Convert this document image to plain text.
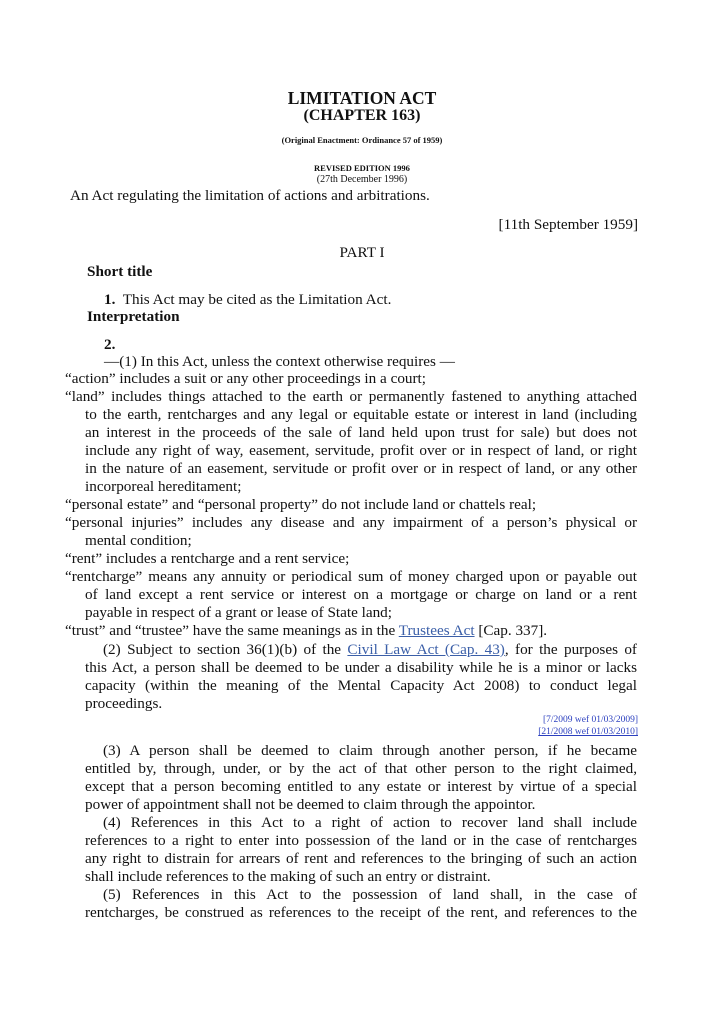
LIMITATION ACT
(CHAPTER 163)
(Original Enactment: Ordinance 57 of 1959)
REVISED EDITION 1996
(27th December 1996)
An Act regulating the limitation of actions and arbitrations.
[11th September 1959]
PART I
Short title
1. This Act may be cited as the Limitation Act.
Interpretation
2.
—(1) In this Act, unless the context otherwise requires —
“action” includes a suit or any other proceedings in a court;
“land” includes things attached to the earth or permanently fastened to anything attached
to the earth, rentcharges and any legal or equitable estate or interest in land (including
an interest in the proceeds of the sale of land held upon trust for sale) but does not
include any right of way, easement, servitude, profit over or in respect of land, or right
in the nature of an easement, servitude or profit over or in respect of land, or any other
incorporeal hereditament;
“personal estate” and “personal property” do not include land or chattels real;
“personal injuries” includes any disease and any impairment of a person’s physical or
mental condition;
“rent” includes a rentcharge and a rent service;
“rentcharge” means any annuity or periodical sum of money charged upon or payable out
of land except a rent service or interest on a mortgage or charge on land or a rent
payable in respect of a grant or lease of State land;
“trust” and “trustee” have the same meanings as in the Trustees Act [Cap. 337].
(2) Subject to section 36(1)(b) of the Civil Law Act (Cap. 43), for the purposes of
this Act, a person shall be deemed to be under a disability while he is a minor or lacks
capacity (within the meaning of the Mental Capacity Act 2008) to conduct legal
proceedings.
[7/2009 wef 01/03/2009]
[21/2008 wef 01/03/2010]
(3) A person shall be deemed to claim through another person, if he became
entitled by, through, under, or by the act of that other person to the right claimed,
except that a person becoming entitled to any estate or interest by virtue of a special
power of appointment shall not be deemed to claim through the appointor.
(4) References in this Act to a right of action to recover land shall include
references to a right to enter into possession of the land or in the case of rentcharges
any right to distrain for arrears of rent and references to the bringing of such an action
shall include references to the making of such an entry or distraint.
(5) References in this Act to the possession of land shall, in the case of
rentcharges, be construed as references to the receipt of the rent, and references to the
